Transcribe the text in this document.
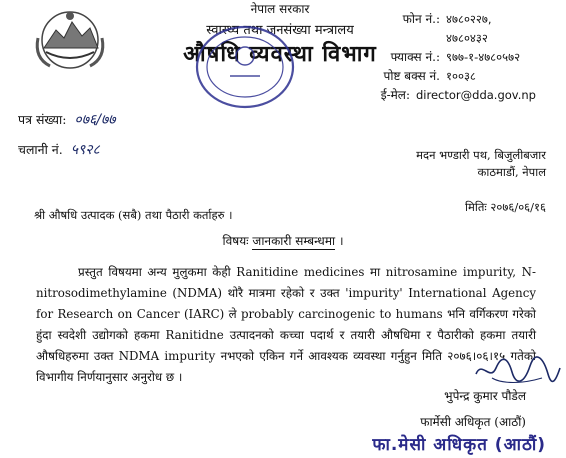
नेपाल सरकार
स्वास्थ्य तथा जनसंख्या मन्त्रालय
औषधि व्यवस्था विभाग
फोन नं.: ४७८०२२७,
४७८०४३२
फ्याक्स नं.: ९७७-१-४७८०५७२
पोष्ट बक्स नं. १००३८
ई-मेल: director@dda.gov.np
पत्र संख्या: ०७६/७७
चलानी नं. ५९२८	मदन भण्डारी पथ, बिजुलीबजार
काठमाडौं, नेपाल
मितिः २०७६/०६/१६
श्री औषधि उत्पादक (सबै) तथा पैठारी कर्ताहरु ।
विषयः जानकारी सम्बन्धमा ।
प्रस्तुत विषयमा अन्य मुलुकमा केही Ranitidine medicines मा nitrosamine impurity, N-nitrosodimethylamine (NDMA) थोरै मात्रमा रहेको र उक्त 'impurity' International Agency for Research on Cancer (IARC) ले probably carcinogenic to humans भनि वर्गिकरण गरेको हुंदा स्वदेशी उद्योगको हकमा Ranitidne उत्पादनको कच्चा पदार्थ र तयारी औषधिमा र पैठारीको हकमा तयारी औषधिहरुमा उक्त NDMA impurity नभएको एकिन गर्ने आवश्यक व्यवस्था गर्नुहुन मिति २०७६।०६।१५ गतेको विभागीय निर्णयानुसार अनुरोध छ ।
भुपेन्द्र कुमार पौडेल
फार्मेसी अधिकृत (आठौं)
फा.मेसी अधिकृत (आठौं)
